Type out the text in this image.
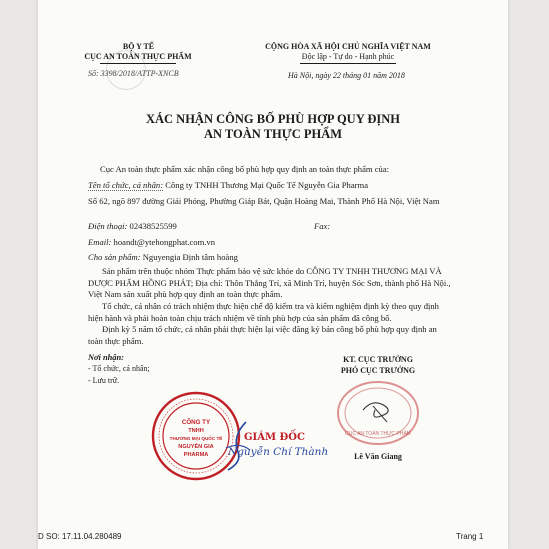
BỘ Y TẾ
CỤC AN TOÀN THỰC PHẨM
Số: 3398/2018/ATTP-XNCB
CỘNG HÒA XÃ HỘI CHỦ NGHĨA VIỆT NAM
Độc lập - Tự do - Hạnh phúc
Hà Nội, ngày 22 tháng 01 năm 2018
XÁC NHẬN CÔNG BỐ PHÙ HỢP QUY ĐỊNH
AN TOÀN THỰC PHẨM
Cục An toàn thực phẩm xác nhận công bố phù hợp quy định an toàn thực phẩm của:
Tên tổ chức, cá nhân: Công ty TNHH Thương Mại Quốc Tế Nguyễn Gia Pharma
Số 62, ngõ 897 đường Giải Phóng, Phường Giáp Bát, Quận Hoàng Mai, Thành Phố Hà Nội, Việt Nam
Điện thoại: 02438525599	Fax:
Email: hoandt@ytehongphat.com.vn
Cho sản phẩm: Nguyengia Định tâm hoàng
Sản phẩm trên thuộc nhóm Thực phẩm bảo vệ sức khỏe do CÔNG TY TNHH THƯƠNG MẠI VÀ DƯỢC PHẨM HỒNG PHÁT; Địa chỉ: Thôn Thắng Trí, xã Minh Trí, huyện Sóc Sơn, thành phố Hà Nội., Việt Nam sản xuất phù hợp quy định an toàn thực phẩm.
Tổ chức, cá nhân có trách nhiệm thực hiện chế độ kiểm tra và kiểm nghiệm định kỳ theo quy định hiện hành và phải hoàn toàn chịu trách nhiệm về tính phù hợp của sản phẩm đã công bố.
Định kỳ 5 năm tổ chức, cá nhân phải thực hiện lại việc đăng ký bản công bố phù hợp quy định an toàn thực phẩm.
Nơi nhận:
- Tổ chức, cá nhân;
- Lưu trữ.
KT. CỤC TRƯỞNG
PHÓ CỤC TRƯỞNG
CỤC AN TOÀN THỰC PHẨM
Lê Văn Giang
CÔNG TY
TNHH
THƯƠNG MẠI QUỐC TẾ
NGUYỄN GIA
PHARMA
GIÁM ĐỐC
Nguyễn Chí Thành
D SO: 17.11.04.280489	Trang 1
